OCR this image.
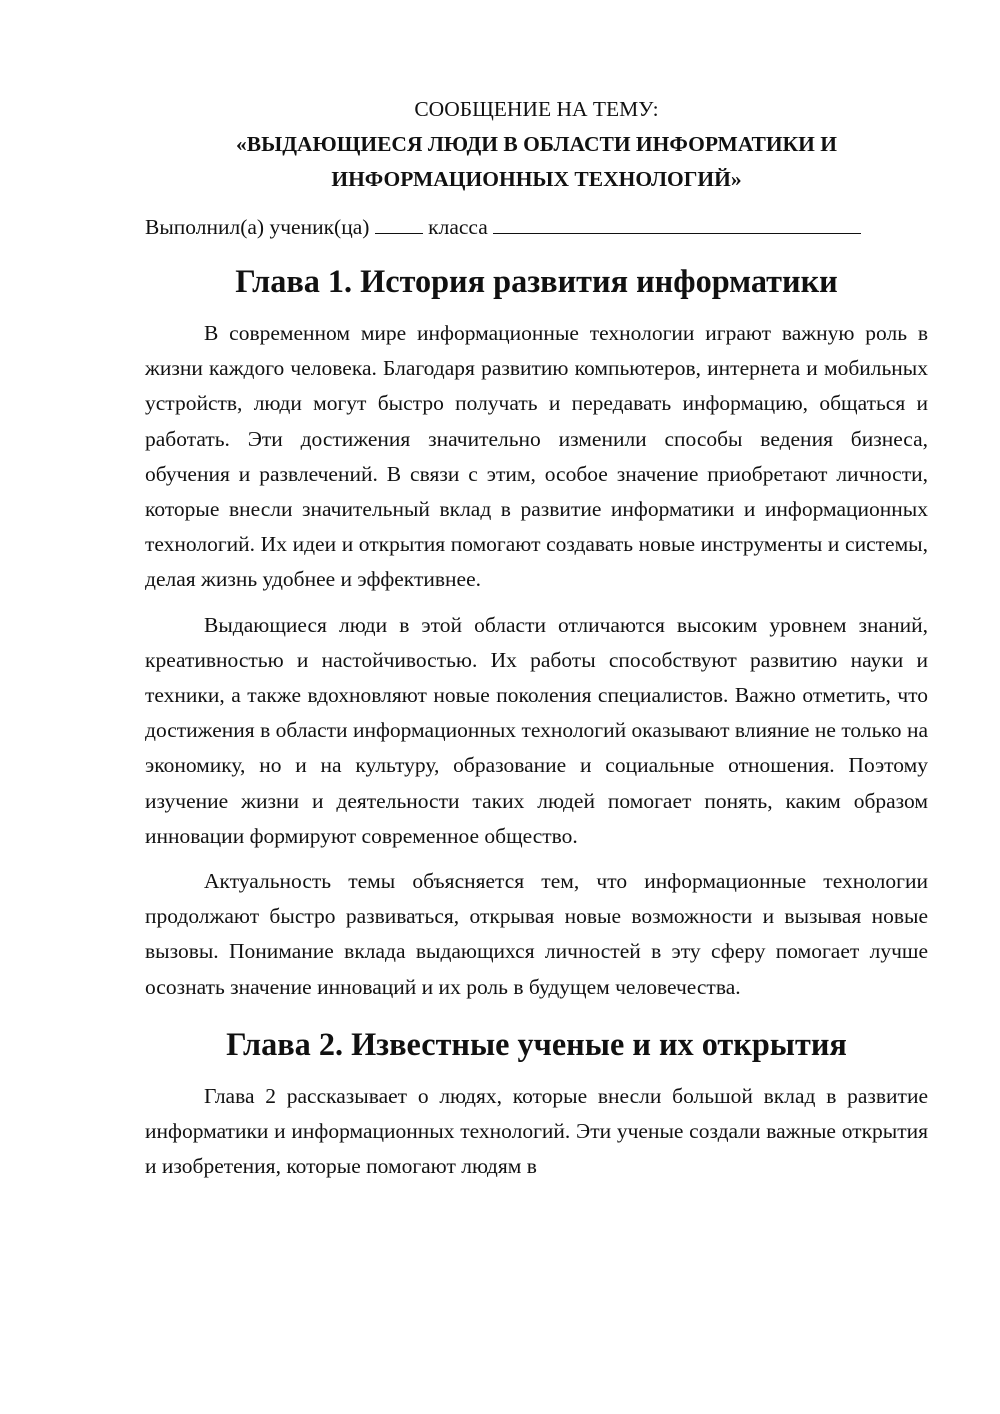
СООБЩЕНИЕ НА ТЕМУ:

«ВЫДАЮЩИЕСЯ ЛЮДИ В ОБЛАСТИ ИНФОРМАТИКИ И ИНФОРМАЦИОННЫХ ТЕХНОЛОГИЙ»

Выполнил(а) ученик(ца)	класса

Глава 1. История развития информатики

В современном мире информационные технологии играют важную роль в жизни каждого человека. Благодаря развитию компьютеров, интернета и мобильных устройств, люди могут быстро получать и передавать информацию, общаться и работать. Эти достижения значительно изменили способы ведения бизнеса, обучения и развлечений. В связи с этим, особое значение приобретают личности, которые внесли значительный вклад в развитие информатики и информационных технологий. Их идеи и открытия помогают создавать новые инструменты и системы, делая жизнь удобнее и эффективнее.

Выдающиеся люди в этой области отличаются высоким уровнем знаний, креативностью и настойчивостью. Их работы способствуют развитию науки и техники, а также вдохновляют новые поколения специалистов. Важно отметить, что достижения в области информационных технологий оказывают влияние не только на экономику, но и на культуру, образование и социальные отношения. Поэтому изучение жизни и деятельности таких людей помогает понять, каким образом инновации формируют современное общество.

Актуальность темы объясняется тем, что информационные технологии продолжают быстро развиваться, открывая новые возможности и вызывая новые вызовы. Понимание вклада выдающихся личностей в эту сферу помогает лучше осознать значение инноваций и их роль в будущем человечества.

Глава 2. Известные ученые и их открытия

Глава 2 рассказывает о людях, которые внесли большой вклад в развитие информатики и информационных технологий. Эти ученые создали важные открытия и изобретения, которые помогают людям в
